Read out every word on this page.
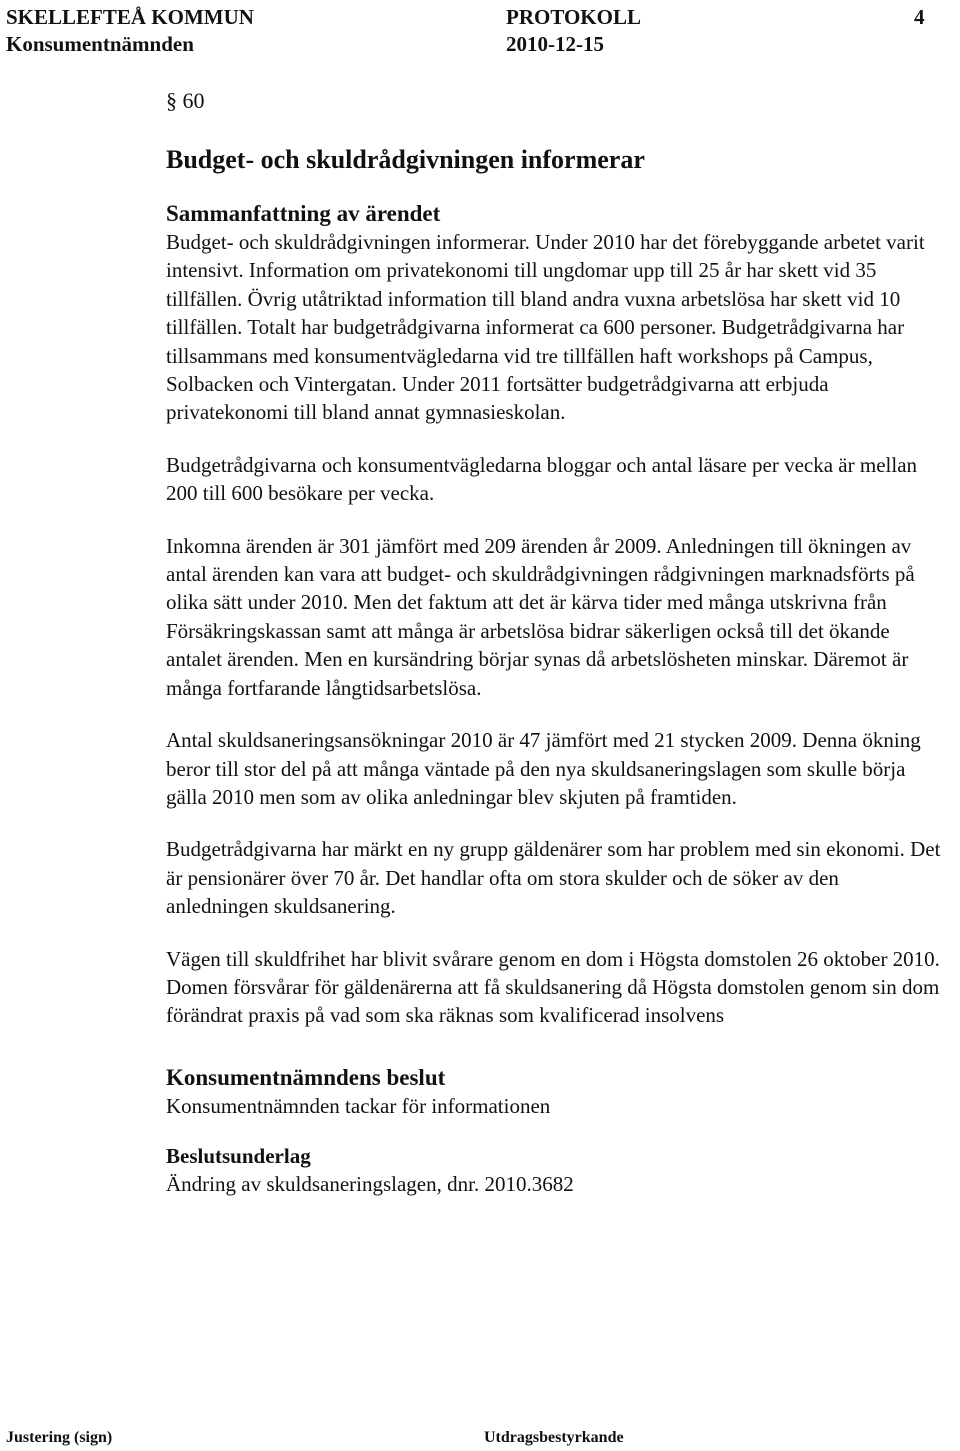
SKELLEFTEÅ KOMMUN	PROTOKOLL	4
Konsumentnämnden	2010-12-15

§ 60

Budget- och skuldrådgivningen informerar
Sammanfattning av ärendet

Budget- och skuldrådgivningen informerar. Under 2010 har det förebyggande arbetet varit intensivt. Information om privatekonomi till ungdomar upp till 25 år har skett vid 35 tillfällen. Övrig utåtriktad information till bland andra vuxna arbetslösa har skett vid 10 tillfällen. Totalt har budgetrådgivarna informerat ca 600 personer. Budgetrådgivarna har tillsammans med konsumentvägledarna vid tre tillfällen haft workshops på Campus, Solbacken och Vintergatan. Under 2011 fortsätter budgetrådgivarna att erbjuda privatekonomi till bland annat gymnasieskolan.

Budgetrådgivarna och konsumentvägledarna bloggar och antal läsare per vecka är mellan 200 till 600 besökare per vecka.

Inkomna ärenden är 301 jämfört med 209 ärenden år 2009. Anledningen till ökningen av antal ärenden kan vara att budget- och skuldrådgivningen rådgivningen marknadsförts på olika sätt under 2010. Men det faktum att det är kärva tider med många utskrivna från Försäkringskassan samt att många är arbetslösa bidrar säkerligen också till det ökande antalet ärenden. Men en kursändring börjar synas då arbetslösheten minskar. Däremot är många fortfarande långtidsarbetslösa.

Antal skuldsaneringsansökningar 2010 är 47 jämfört med 21 stycken 2009. Denna ökning beror till stor del på att många väntade på den nya skuldsaneringslagen som skulle börja gälla 2010 men som av olika anledningar blev skjuten på framtiden.

Budgetrådgivarna har märkt en ny grupp gäldenärer som har problem med sin ekonomi. Det är pensionärer över 70 år. Det handlar ofta om stora skulder och de söker av den anledningen skuldsanering.

Vägen till skuldfrihet har blivit svårare genom en dom i Högsta domstolen 26 oktober 2010. Domen försvårar för gäldenärerna att få skuldsanering då Högsta domstolen genom sin dom förändrat praxis på vad som ska räknas som kvalificerad insolvens

Konsumentnämndens beslut

Konsumentnämnden tackar för informationen

Beslutsunderlag

Ändring av skuldsaneringslagen, dnr. 2010.3682

Justering (sign)	Utdragsbestyrkande
